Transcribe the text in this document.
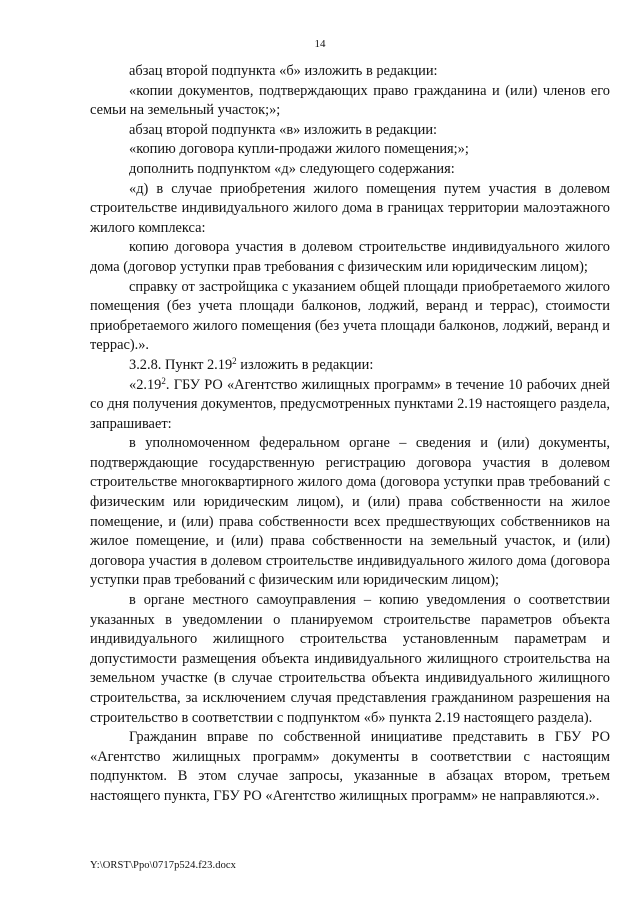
14

абзац второй подпункта «б» изложить в редакции:

«копии документов, подтверждающих право гражданина и (или) членов его семьи на земельный участок;»;

абзац второй подпункта «в» изложить в редакции:

«копию договора купли-продажи жилого помещения;»;

дополнить подпунктом «д» следующего содержания:

«д) в случае приобретения жилого помещения путем участия в долевом строительстве индивидуального жилого дома в границах территории малоэтажного жилого комплекса:

копию договора участия в долевом строительстве индивидуального жилого дома (договор уступки прав требования с физическим или юридическим лицом);

справку от застройщика с указанием общей площади приобретаемого жилого помещения (без учета площади балконов, лоджий, веранд и террас), стоимости приобретаемого жилого помещения (без учета площади балконов, лоджий, веранд и террас).».

3.2.8. Пункт 2.19$^2$ изложить в редакции:

«2.19$^2$. ГБУ РО «Агентство жилищных программ» в течение 10 рабочих дней со дня получения документов, предусмотренных пунктами 2.19 настоящего раздела, запрашивает:

в уполномоченном федеральном органе – сведения и (или) документы, подтверждающие государственную регистрацию договора участия в долевом строительстве многоквартирного жилого дома (договора уступки прав требований с физическим или юридическим лицом), и (или) права собственности на жилое помещение, и (или) права собственности всех предшествующих собственников на жилое помещение, и (или) права собственности на земельный участок, и (или) договора участия в долевом строительстве индивидуального жилого дома (договора уступки прав требований с физическим или юридическим лицом);

в органе местного самоуправления – копию уведомления о соответствии указанных в уведомлении о планируемом строительстве параметров объекта индивидуального жилищного строительства установленным параметрам и допустимости размещения объекта индивидуального жилищного строительства на земельном участке (в случае строительства объекта индивидуального жилищного строительства, за исключением случая представления гражданином разрешения на строительство в соответствии с подпунктом «б» пункта 2.19 настоящего раздела).

Гражданин вправе по собственной инициативе представить в ГБУ РО «Агентство жилищных программ» документы в соответствии с настоящим подпунктом. В этом случае запросы, указанные в абзацах втором, третьем настоящего пункта, ГБУ РО «Агентство жилищных программ» не направляются.».

Y:\ORST\Ppo\0717p524.f23.docx
